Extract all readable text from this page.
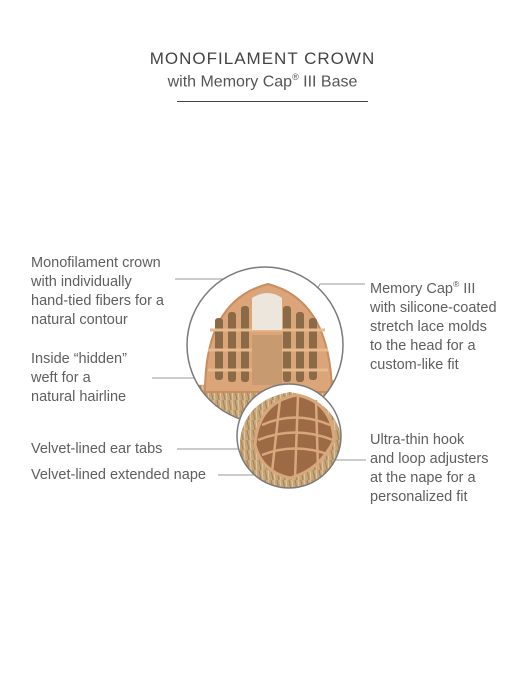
MONOFILAMENT CROWN
with Memory Cap® III Base
Monofilament crown
with individually
hand-tied fibers for a
natural contour
Inside “hidden”
weft for a
natural hairline
Velvet-lined ear tabs
Velvet-lined extended nape
Memory Cap® III
with silicone-coated
stretch lace molds
to the head for a
custom-like fit
Ultra-thin hook
and loop adjusters
at the nape for a
personalized fit
